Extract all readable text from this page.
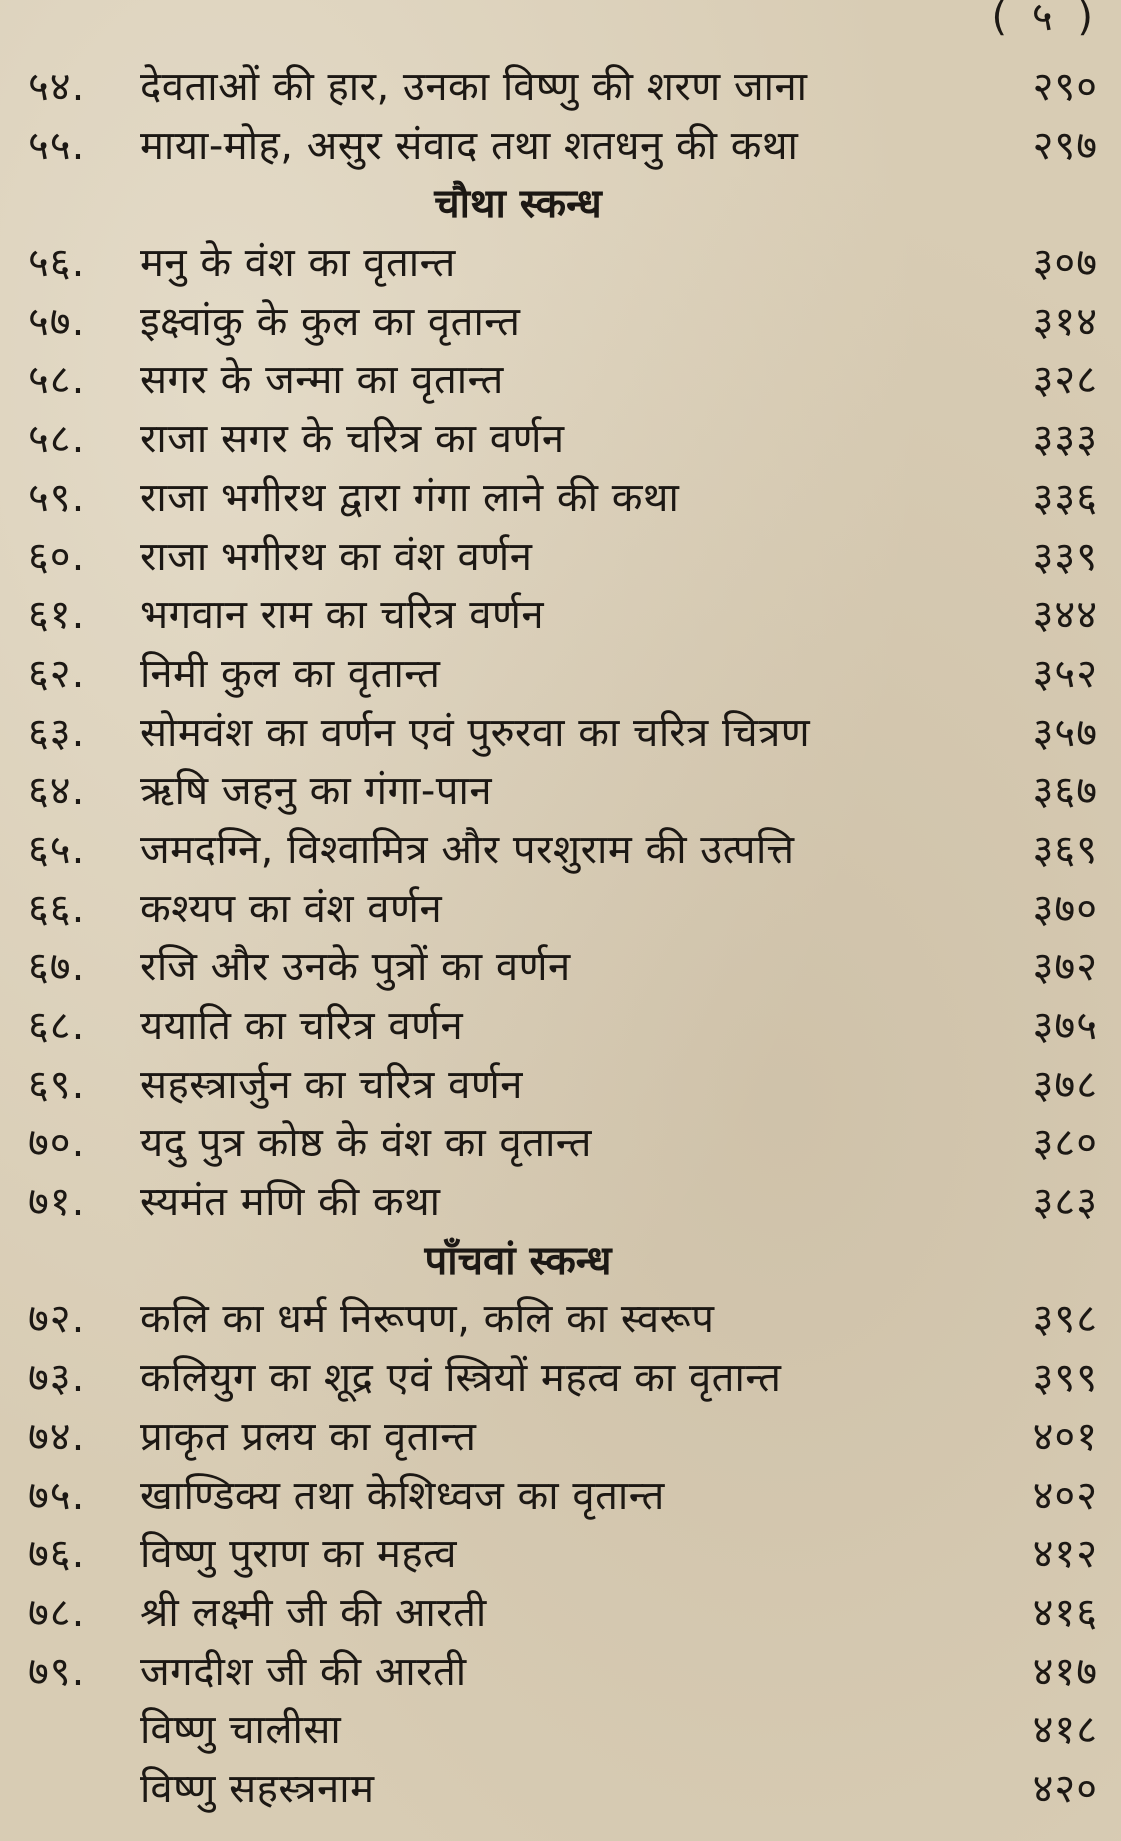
( ५ )
५४.	देवताओं की हार, उनका विष्णु की शरण जाना	२९०
५५.	माया-मोह, असुर संवाद तथा शतधनु की कथा	२९७
चौथा स्कन्ध
५६.	मनु के वंश का वृतान्त	३०७
५७.	इक्ष्वांकु के कुल का वृतान्त	३१४
५८.	सगर के जन्मा का वृतान्त	३२८
५८.	राजा सगर के चरित्र का वर्णन	३३३
५९.	राजा भगीरथ द्वारा गंगा लाने की कथा	३३६
६०.	राजा भगीरथ का वंश वर्णन	३३९
६१.	भगवान राम का चरित्र वर्णन	३४४
६२.	निमी कुल का वृतान्त	३५२
६३.	सोमवंश का वर्णन एवं पुरुरवा का चरित्र चित्रण	३५७
६४.	ऋषि जहनु का गंगा-पान	३६७
६५.	जमदग्नि, विश्वामित्र और परशुराम की उत्पत्ति	३६९
६६.	कश्यप का वंश वर्णन	३७०
६७.	रजि और उनके पुत्रों का वर्णन	३७२
६८.	ययाति का चरित्र वर्णन	३७५
६९.	सहस्त्रार्जुन का चरित्र वर्णन	३७८
७०.	यदु पुत्र कोष्ठ के वंश का वृतान्त	३८०
७१.	स्यमंत मणि की कथा	३८३
पाँचवां स्कन्ध
७२.	कलि का धर्म निरूपण, कलि का स्वरूप	३९८
७३.	कलियुग का शूद्र एवं स्त्रियों महत्व का वृतान्त	३९९
७४.	प्राकृत प्रलय का वृतान्त	४०१
७५.	खाण्डिक्य तथा केशिध्वज का वृतान्त	४०२
७६.	विष्णु पुराण का महत्व	४१२
७८.	श्री लक्ष्मी जी की आरती	४१६
७९.	जगदीश जी की आरती	४१७
विष्णु चालीसा	४१८
विष्णु सहस्त्रनाम	४२०
